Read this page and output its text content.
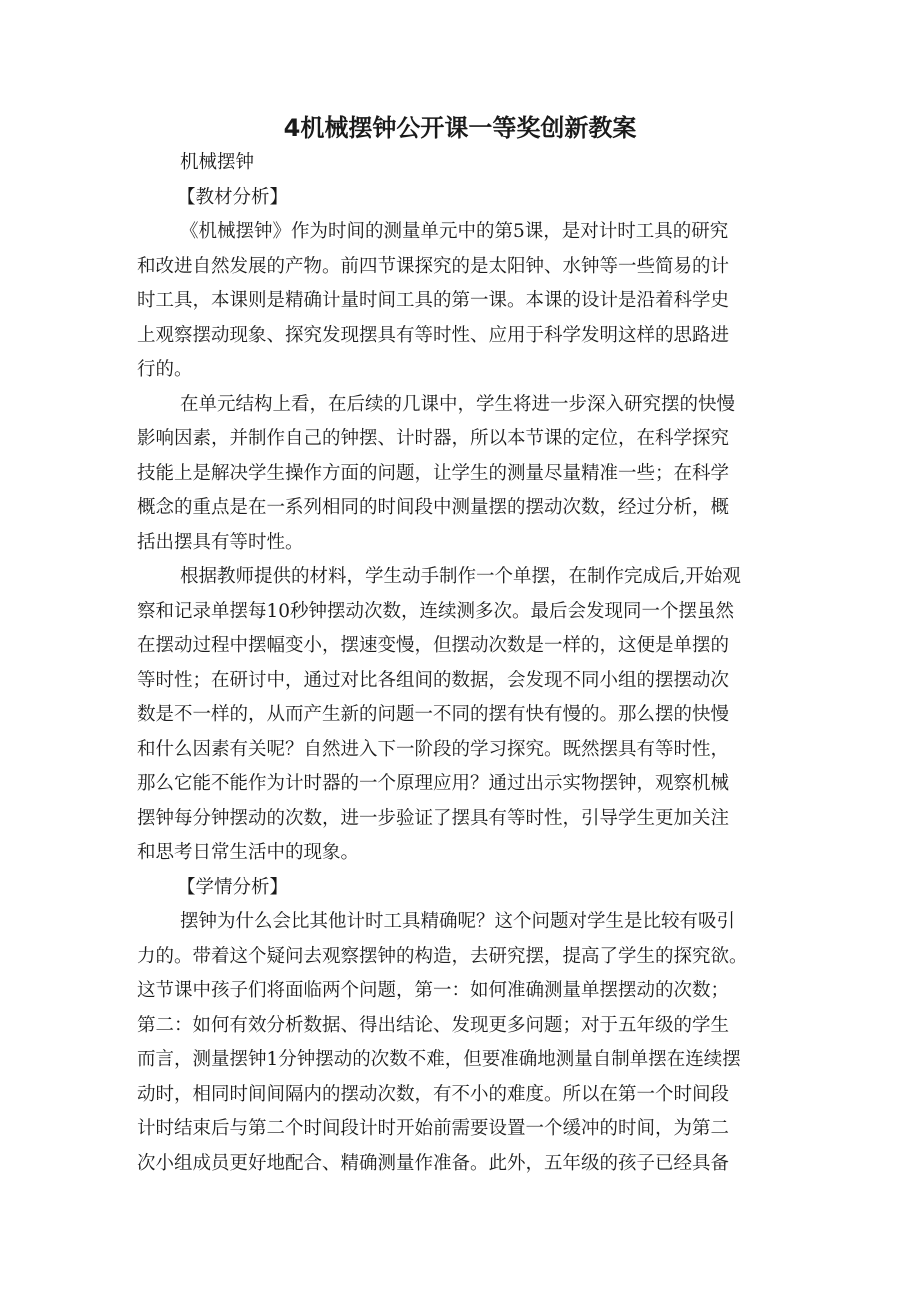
4机械摆钟公开课一等奖创新教案
机械摆钟
【教材分析】
《机械摆钟》作为时间的测量单元中的第5课，是对计时工具的研究
和改进自然发展的产物。前四节课探究的是太阳钟、水钟等一些简易的计
时工具，本课则是精确计量时间工具的第一课。本课的设计是沿着科学史
上观察摆动现象、探究发现摆具有等时性、应用于科学发明这样的思路进
行的。
在单元结构上看，在后续的几课中，学生将进一步深入研究摆的快慢
影响因素，并制作自己的钟摆、计时器，所以本节课的定位，在科学探究
技能上是解决学生操作方面的问题，让学生的测量尽量精准一些；在科学
概念的重点是在一系列相同的时间段中测量摆的摆动次数，经过分析，概
括出摆具有等时性。
根据教师提供的材料，学生动手制作一个单摆，在制作完成后,开始观
察和记录单摆每10秒钟摆动次数，连续测多次。最后会发现同一个摆虽然
在摆动过程中摆幅变小，摆速变慢，但摆动次数是一样的，这便是单摆的
等时性；在研讨中，通过对比各组间的数据，会发现不同小组的摆摆动次
数是不一样的，从而产生新的问题一不同的摆有快有慢的。那么摆的快慢
和什么因素有关呢？自然进入下一阶段的学习探究。既然摆具有等时性，
那么它能不能作为计时器的一个原理应用？通过出示实物摆钟，观察机械
摆钟每分钟摆动的次数，进一步验证了摆具有等时性，引导学生更加关注
和思考日常生活中的现象。
【学情分析】
摆钟为什么会比其他计时工具精确呢？这个问题对学生是比较有吸引
力的。带着这个疑问去观察摆钟的构造，去研究摆，提高了学生的探究欲。
这节课中孩子们将面临两个问题，第一：如何准确测量单摆摆动的次数；
第二：如何有效分析数据、得出结论、发现更多问题；对于五年级的学生
而言，测量摆钟1分钟摆动的次数不难，但要准确地测量自制单摆在连续摆
动时，相同时间间隔内的摆动次数，有不小的难度。所以在第一个时间段
计时结束后与第二个时间段计时开始前需要设置一个缓冲的时间，为第二
次小组成员更好地配合、精确测量作准备。此外，五年级的孩子已经具备
